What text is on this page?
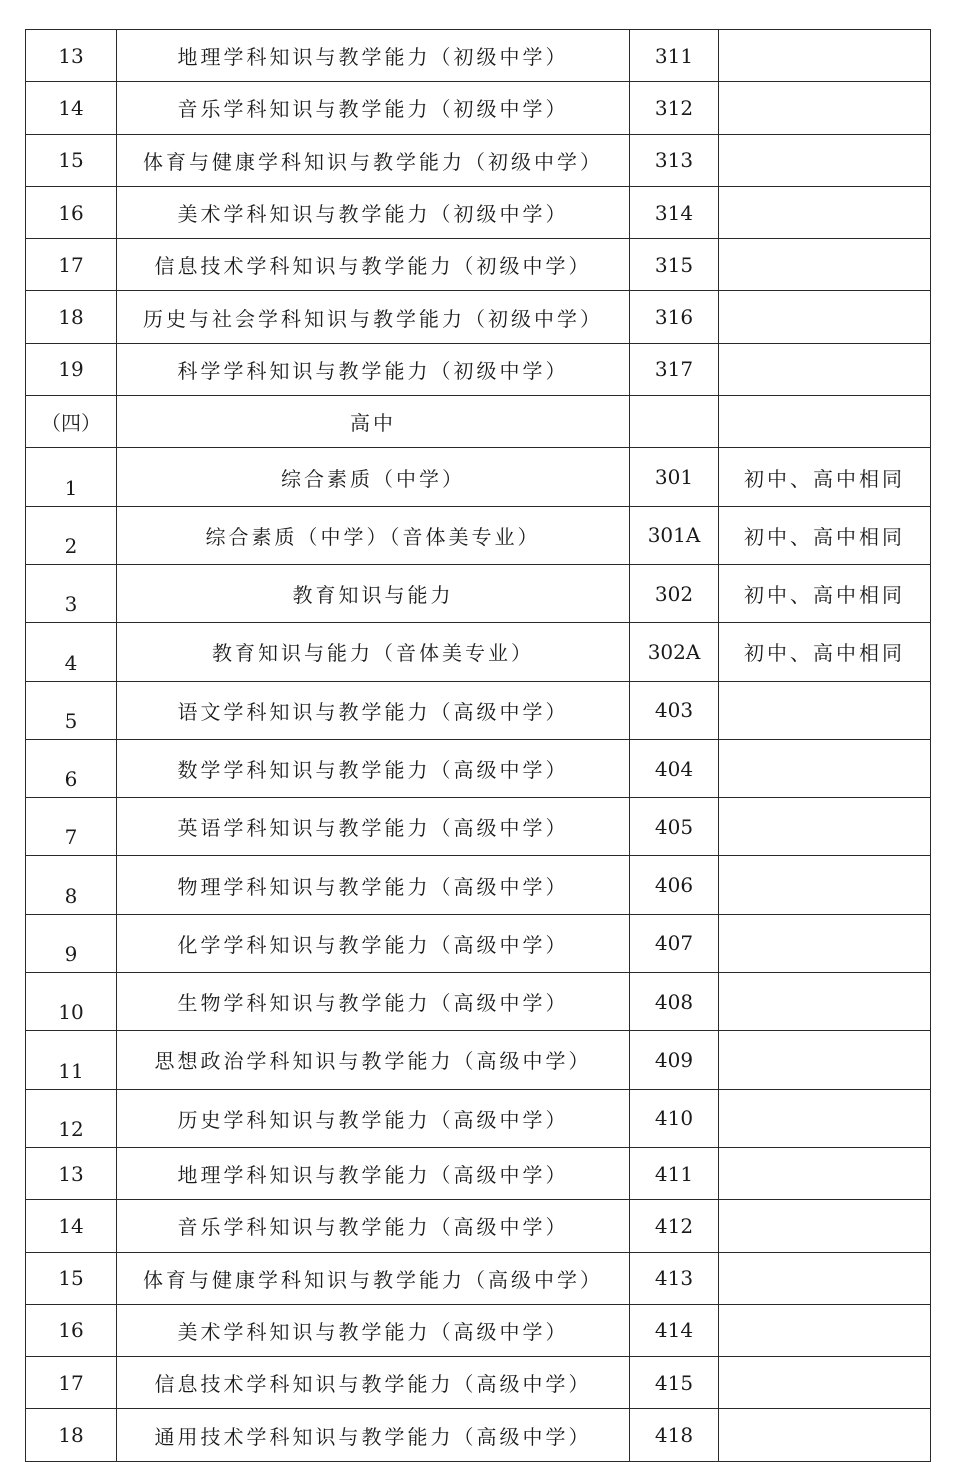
13	地理学科知识与教学能力（初级中学）	311	
14	音乐学科知识与教学能力（初级中学）	312	
15	体育与健康学科知识与教学能力（初级中学）	313	
16	美术学科知识与教学能力（初级中学）	314	
17	信息技术学科知识与教学能力（初级中学）	315	
18	历史与社会学科知识与教学能力（初级中学）	316	
19	科学学科知识与教学能力（初级中学）	317	
（四）	高中		
1	综合素质（中学）	301	初中、高中相同
2	综合素质（中学）（音体美专业）	301A	初中、高中相同
3	教育知识与能力	302	初中、高中相同
4	教育知识与能力（音体美专业）	302A	初中、高中相同
5	语文学科知识与教学能力（高级中学）	403	
6	数学学科知识与教学能力（高级中学）	404	
7	英语学科知识与教学能力（高级中学）	405	
8	物理学科知识与教学能力（高级中学）	406	
9	化学学科知识与教学能力（高级中学）	407	
10	生物学科知识与教学能力（高级中学）	408	
11	思想政治学科知识与教学能力（高级中学）	409	
12	历史学科知识与教学能力（高级中学）	410	
13	地理学科知识与教学能力（高级中学）	411	
14	音乐学科知识与教学能力（高级中学）	412	
15	体育与健康学科知识与教学能力（高级中学）	413	
16	美术学科知识与教学能力（高级中学）	414	
17	信息技术学科知识与教学能力（高级中学）	415	
18	通用技术学科知识与教学能力（高级中学）	418	
